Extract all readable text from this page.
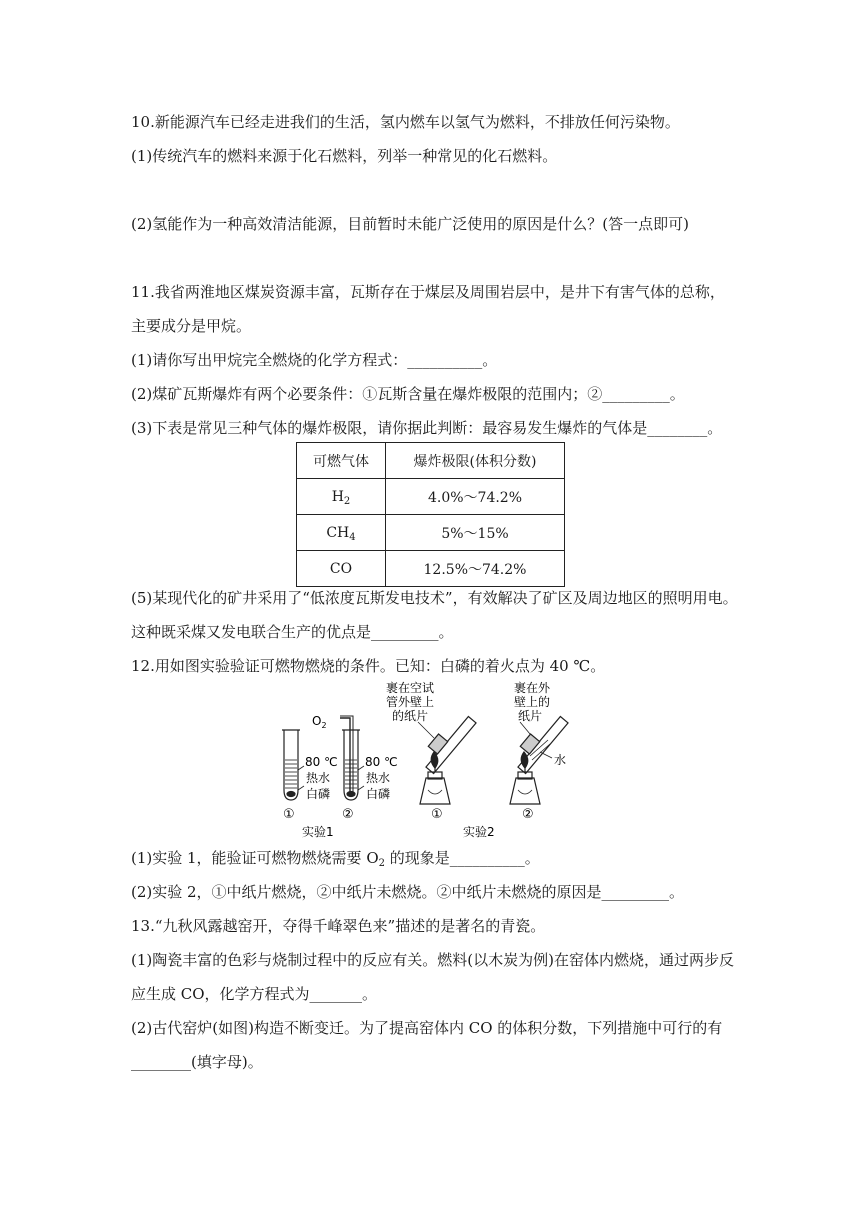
10.新能源汽车已经走进我们的生活，氢内燃车以氢气为燃料，不排放任何污染物。
(1)传统汽车的燃料来源于化石燃料，列举一种常见的化石燃料。
(2)氢能作为一种高效清洁能源，目前暂时未能广泛使用的原因是什么？(答一点即可)
11.我省两淮地区煤炭资源丰富，瓦斯存在于煤层及周围岩层中，是井下有害气体的总称，
主要成分是甲烷。
(1)请你写出甲烷完全燃烧的化学方程式：__________。
(2)煤矿瓦斯爆炸有两个必要条件：①瓦斯含量在爆炸极限的范围内；②_________。
(3)下表是常见三种气体的爆炸极限，请你据此判断：最容易发生爆炸的气体是________。
可燃气体	爆炸极限(体积分数)
$H_2$	4.0%～74.2%
$CH_4$	5%～15%
CO	12.5%～74.2%
(5)某现代化的矿井采用了“低浓度瓦斯发电技术”，有效解决了矿区及周边地区的照明用电。
这种既采煤又发电联合生产的优点是_________。
12.用如图实验验证可燃物燃烧的条件。已知：白磷的着火点为 40 ℃。
80 ℃
热水
白磷
①
$O_2$
80 ℃
热水
白磷
②
实验1
裹在空试
管外壁上
的纸片
①
裹在外
壁上的
纸片
水
②
实验2
(1)实验 1，能验证可燃物燃烧需要 $O_2$ 的现象是__________。
(2)实验 2，①中纸片燃烧，②中纸片未燃烧。②中纸片未燃烧的原因是_________。
13.“九秋风露越窑开，夺得千峰翠色来”描述的是著名的青瓷。
(1)陶瓷丰富的色彩与烧制过程中的反应有关。燃料(以木炭为例)在窑体内燃烧，通过两步反
应生成 CO，化学方程式为_______。
(2)古代窑炉(如图)构造不断变迁。为了提高窑体内 CO 的体积分数，下列措施中可行的有
________(填字母)。
